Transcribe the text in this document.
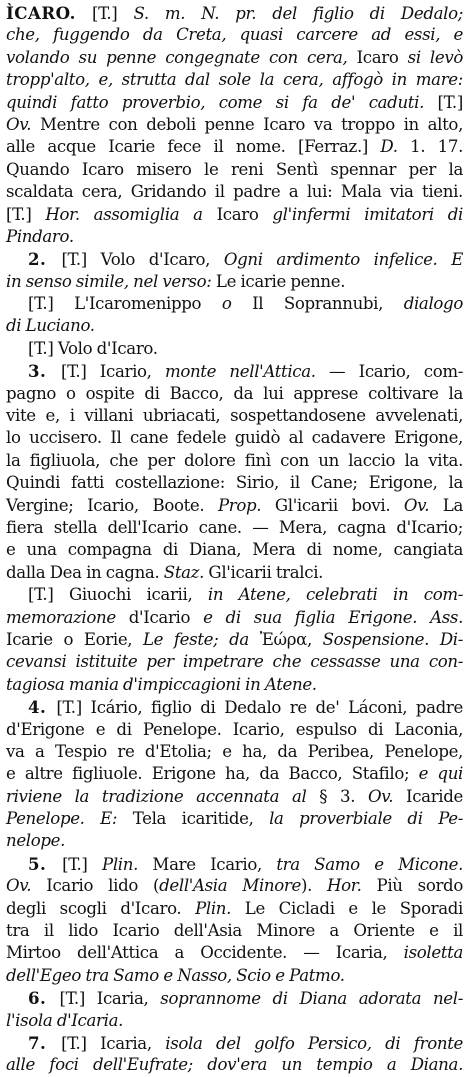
ÌCARO. [T.] S. m. N. pr. del figlio di Dedalo;
che, fuggendo da Creta, quasi carcere ad essi, e
volando su penne congegnate con cera, Icaro si levò
tropp'alto, e, strutta dal sole la cera, affogò in mare:
quindi fatto proverbio, come si fa de' caduti. [T.]
Ov. Mentre con deboli penne Icaro va troppo in alto,
alle acque Icarie fece il nome. [Ferraz.] D. 1. 17.
Quando Icaro misero le reni Sentì spennar per la
scaldata cera, Gridando il padre a lui: Mala via tieni.
[T.] Hor. assomiglia a Icaro gl'infermi imitatori di
Pindaro.
2. [T.] Volo d'Icaro, Ogni ardimento infelice. E
in senso simile, nel verso: Le icarie penne.
[T.] L'Icaromenippo o Il Soprannubi, dialogo
di Luciano.
[T.] Volo d'Icaro.
3. [T.] Icario, monte nell'Attica. — Icario, com-
pagno o ospite di Bacco, da lui apprese coltivare la
vite e, i villani ubriacati, sospettandosene avvelenati,
lo uccisero. Il cane fedele guidò al cadavere Erigone,
la figliuola, che per dolore finì con un laccio la vita.
Quindi fatti costellazione: Sirio, il Cane; Erigone, la
Vergine; Icario, Boote. Prop. Gl'icarii bovi. Ov. La
fiera stella dell'Icario cane. — Mera, cagna d'Icario;
e una compagna di Diana, Mera di nome, cangiata
dalla Dea in cagna. Staz. Gl'icarii tralci.
[T.] Giuochi icarii, in Atene, celebrati in com-
memorazione d'Icario e di sua figlia Erigone. Ass.
Icarie o Eorie, Le feste; da Ἐώρα, Sospensione. Di-
cevansi istituite per impetrare che cessasse una con-
tagiosa mania d'impiccagioni in Atene.
4. [T.] Icário, figlio di Dedalo re de' Láconi, padre
d'Erigone e di Penelope. Icario, espulso di Laconia,
va a Tespio re d'Etolia; e ha, da Peribea, Penelope,
e altre figliuole. Erigone ha, da Bacco, Stafilo; e qui
riviene la tradizione accennata al § 3. Ov. Icaride
Penelope. E: Tela icaritide, la proverbiale di Pe-
nelope.
5. [T.] Plin. Mare Icario, tra Samo e Micone.
Ov. Icario lido (dell'Asia Minore). Hor. Più sordo
degli scogli d'Icaro. Plin. Le Cicladi e le Sporadi
tra il lido Icario dell'Asia Minore a Oriente e il
Mirtoo dell'Attica a Occidente. — Icaria, isoletta
dell'Egeo tra Samo e Nasso, Scio e Patmo.
6. [T.] Icaria, soprannome di Diana adorata nel-
l'isola d'Icaria.
7. [T.] Icaria, isola del golfo Persico, di fronte
alle foci dell'Eufrate; dov'era un tempio a Diana.
